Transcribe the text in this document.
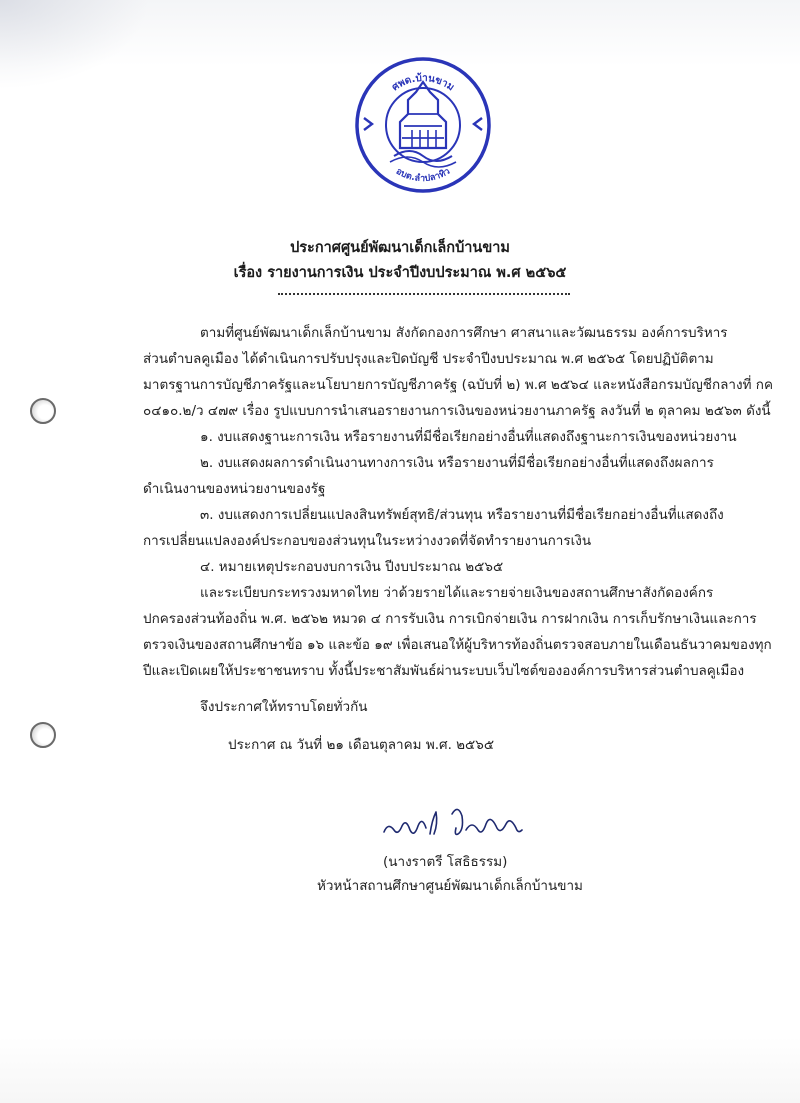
ศพด.บ้านขาม
อบต.ลำปลาทิว
ประกาศศูนย์พัฒนาเด็กเล็กบ้านขาม
เรื่อง รายงานการเงิน ประจำปีงบประมาณ พ.ศ ๒๕๖๕
ตามที่ศูนย์พัฒนาเด็กเล็กบ้านขาม สังกัดกองการศึกษา ศาสนาและวัฒนธรรม องค์การบริหาร
ส่วนตำบลคูเมือง ได้ดำเนินการปรับปรุงและปิดบัญชี ประจำปีงบประมาณ พ.ศ ๒๕๖๕ โดยปฏิบัติตาม
มาตรฐานการบัญชีภาครัฐและนโยบายการบัญชีภาครัฐ (ฉบับที่ ๒) พ.ศ ๒๕๖๔ และหนังสือกรมบัญชีกลางที่ กค
๐๔๑๐.๒/ว ๔๗๙ เรื่อง รูปแบบการนำเสนอรายงานการเงินของหน่วยงานภาครัฐ ลงวันที่ ๒ ตุลาคม ๒๕๖๓ ดังนี้
๑. งบแสดงฐานะการเงิน หรือรายงานที่มีชื่อเรียกอย่างอื่นที่แสดงถึงฐานะการเงินของหน่วยงาน
๒. งบแสดงผลการดำเนินงานทางการเงิน หรือรายงานที่มีชื่อเรียกอย่างอื่นที่แสดงถึงผลการ
ดำเนินงานของหน่วยงานของรัฐ
๓. งบแสดงการเปลี่ยนแปลงสินทรัพย์สุทธิ/ส่วนทุน หรือรายงานที่มีชื่อเรียกอย่างอื่นที่แสดงถึง
การเปลี่ยนแปลงองค์ประกอบของส่วนทุนในระหว่างงวดที่จัดทำรายงานการเงิน
๔. หมายเหตุประกอบงบการเงิน ปีงบประมาณ ๒๕๖๕
และระเบียบกระทรวงมหาดไทย ว่าด้วยรายได้และรายจ่ายเงินของสถานศึกษาสังกัดองค์กร
ปกครองส่วนท้องถิ่น พ.ศ. ๒๕๖๒ หมวด ๔ การรับเงิน การเบิกจ่ายเงิน การฝากเงิน การเก็บรักษาเงินและการ
ตรวจเงินของสถานศึกษาข้อ ๑๖ และข้อ ๑๙ เพื่อเสนอให้ผู้บริหารท้องถิ่นตรวจสอบภายในเดือนธันวาคมของทุก
ปีและเปิดเผยให้ประชาชนทราบ ทั้งนี้ประชาสัมพันธ์ผ่านระบบเว็บไซต์ขององค์การบริหารส่วนตำบลคูเมือง
จึงประกาศให้ทราบโดยทั่วกัน
ประกาศ ณ วันที่ ๒๑ เดือนตุลาคม พ.ศ. ๒๕๖๕
(นางราตรี โสธิธรรม)
หัวหน้าสถานศึกษาศูนย์พัฒนาเด็กเล็กบ้านขาม
